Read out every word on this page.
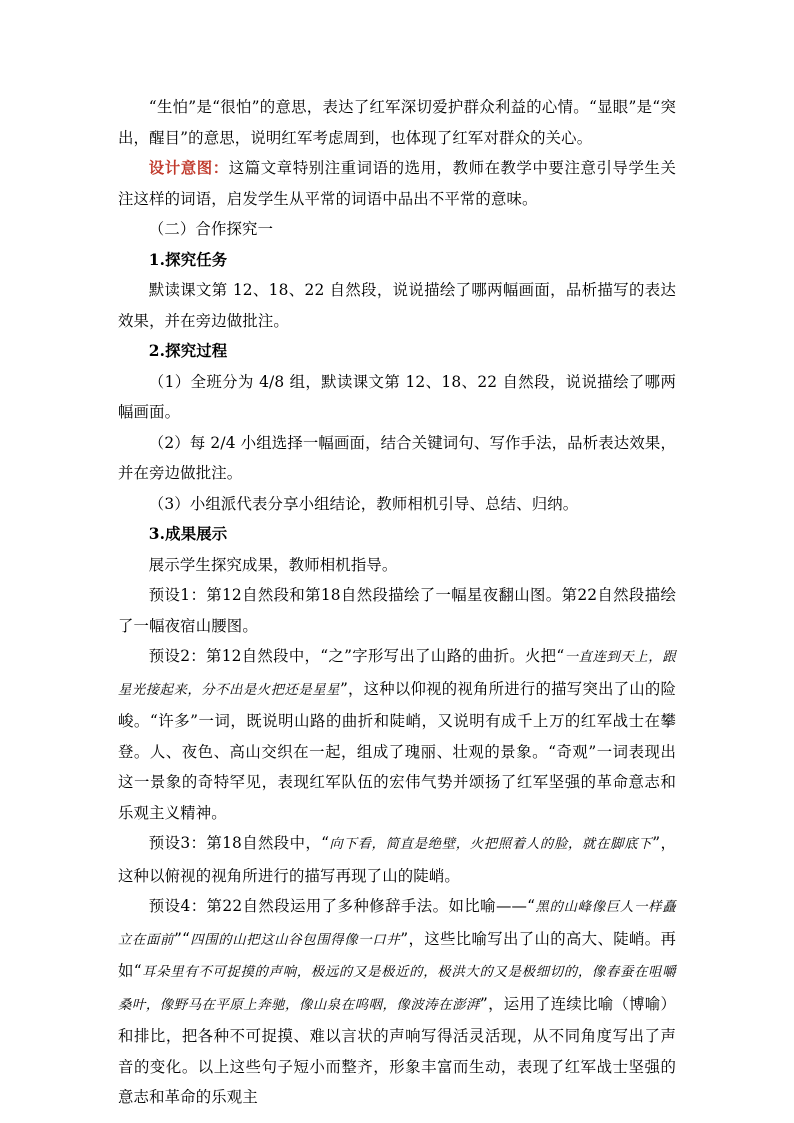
“生怕”是“很怕”的意思，表达了红军深切爱护群众利益的心情。“显眼”是“突出，醒目”的意思，说明红军考虑周到，也体现了红军对群众的关心。

设计意图：这篇文章特别注重词语的选用，教师在教学中要注意引导学生关注这样的词语，启发学生从平常的词语中品出不平常的意味。

（二）合作探究一

1.探究任务

默读课文第 12、18、22 自然段，说说描绘了哪两幅画面，品析描写的表达效果，并在旁边做批注。

2.探究过程

（1）全班分为 4/8 组，默读课文第 12、18、22 自然段，说说描绘了哪两幅画面。

（2）每 2/4 小组选择一幅画面，结合关键词句、写作手法，品析表达效果，并在旁边做批注。

（3）小组派代表分享小组结论，教师相机引导、总结、归纳。

3.成果展示

展示学生探究成果，教师相机指导。

预设1：第12自然段和第18自然段描绘了一幅星夜翻山图。第22自然段描绘了一幅夜宿山腰图。

预设2：第12自然段中，“之”字形写出了山路的曲折。火把“一直连到天上，跟星光接起来，分不出是火把还是星星”，这种以仰视的视角所进行的描写突出了山的险峻。“许多”一词，既说明山路的曲折和陡峭，又说明有成千上万的红军战士在攀登。人、夜色、高山交织在一起，组成了瑰丽、壮观的景象。“奇观”一词表现出这一景象的奇特罕见，表现红军队伍的宏伟气势并颂扬了红军坚强的革命意志和乐观主义精神。

预设3：第18自然段中，“向下看，简直是绝壁，火把照着人的脸，就在脚底下”，这种以俯视的视角所进行的描写再现了山的陡峭。

预设4：第22自然段运用了多种修辞手法。如比喻——“黑的山峰像巨人一样矗立在面前”“四围的山把这山谷包围得像一口井”，这些比喻写出了山的高大、陡峭。再如“耳朵里有不可捉摸的声响，极远的又是极近的，极洪大的又是极细切的，像春蚕在咀嚼桑叶，像野马在平原上奔驰，像山泉在呜咽，像波涛在澎湃”，运用了连续比喻（博喻）和排比，把各种不可捉摸、难以言状的声响写得活灵活现，从不同角度写出了声音的变化。以上这些句子短小而整齐，形象丰富而生动，表现了红军战士坚强的意志和革命的乐观主
